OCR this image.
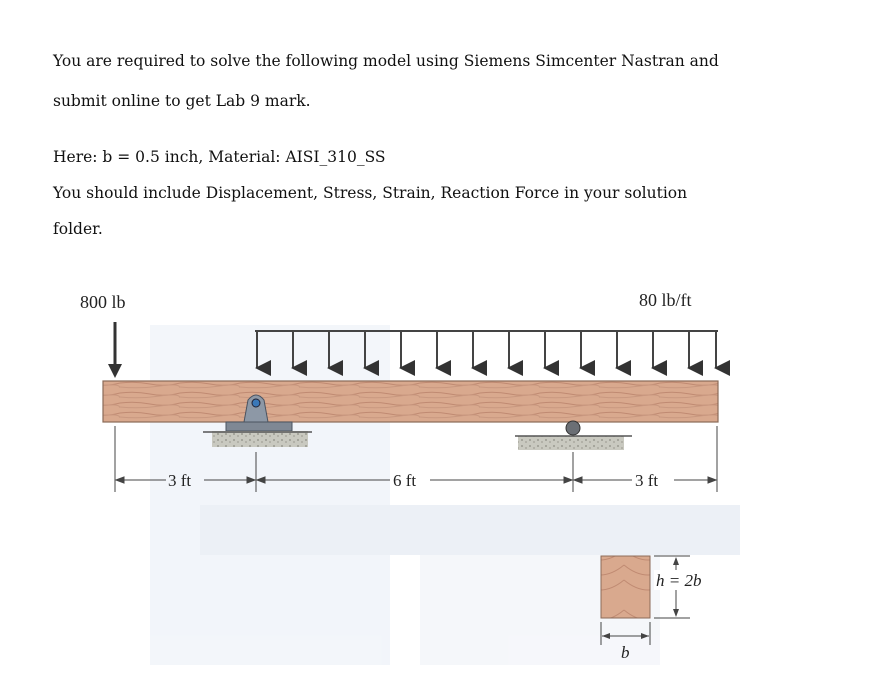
You are required to solve the following model using Siemens Simcenter Nastran and
submit online to get Lab 9 mark.
Here: b = 0.5 inch, Material: AISI_310_SS
You should include Displacement, Stress, Strain, Reaction Force in your solution
folder.
800 lb	80 lb/ft
3 ft	6 ft	3 ft
h = 2b
b
